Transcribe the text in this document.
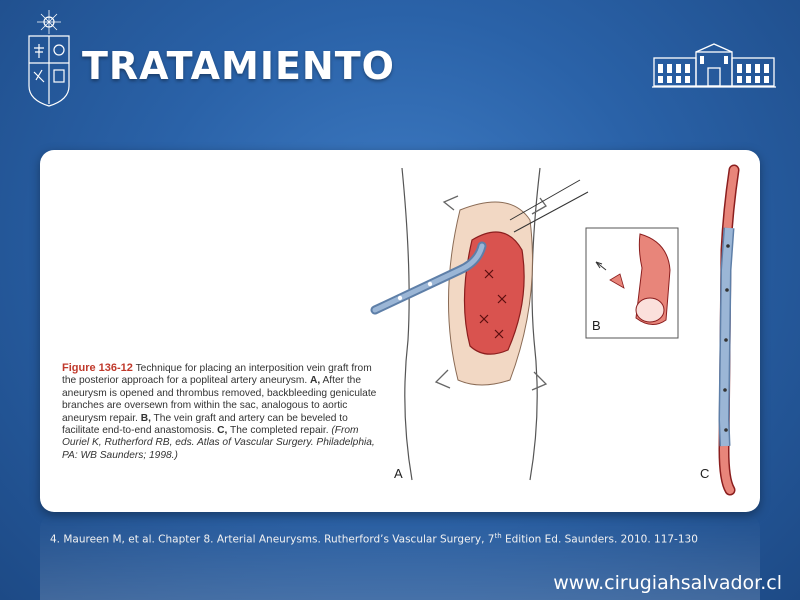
TRATAMIENTO
Figure 136-12 Technique for placing an interposition vein graft from the posterior approach for a popliteal artery aneurysm. A, After the aneurysm is opened and thrombus removed, backbleeding geniculate branches are oversewn from within the sac, analogous to aortic aneurysm repair. B, The vein graft and artery can be beveled to facilitate end-to-end anastomosis. C, The completed repair. (From Ouriel K, Rutherford RB, eds. Atlas of Vascular Surgery. Philadelphia, PA: WB Saunders; 1998.)
A
B
C

4. Maureen M, et al. Chapter 8. Arterial Aneurysms. Rutherford’s Vascular Surgery, 7th Edition Ed. Saunders. 2010. 117-130

www.cirugiahsalvador.cl
